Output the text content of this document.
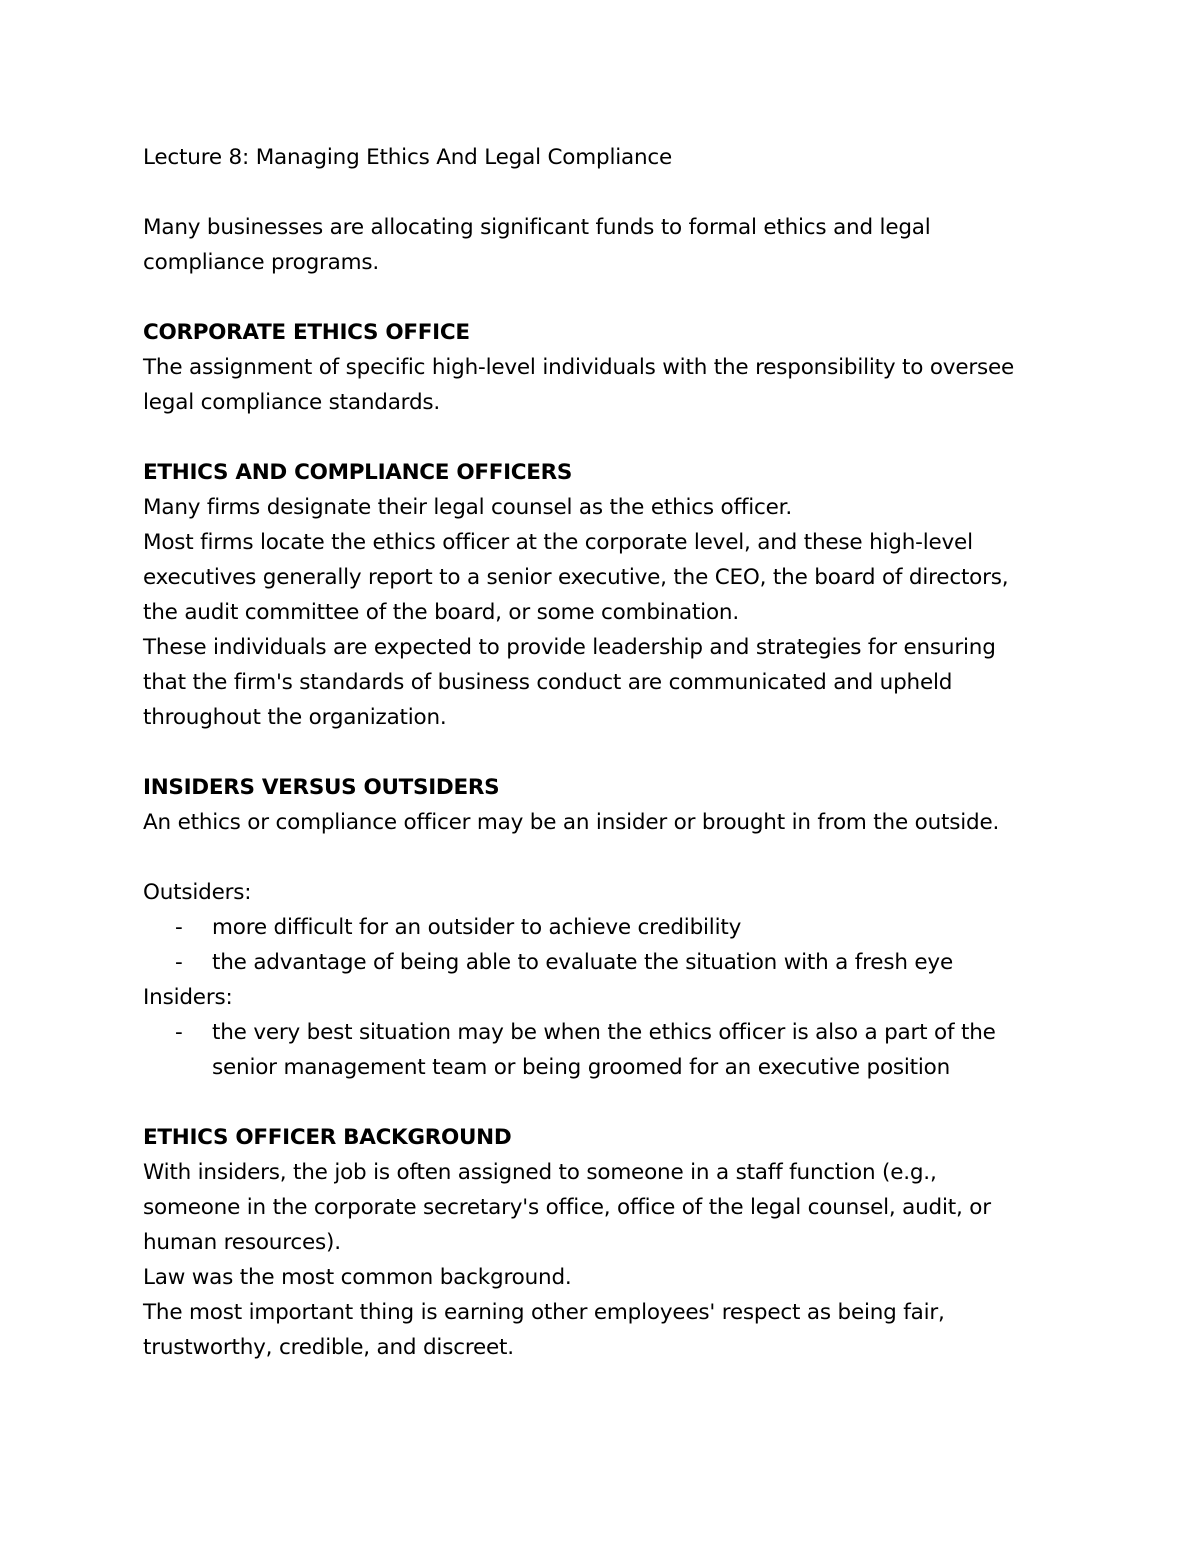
Lecture 8: Managing Ethics And Legal Compliance
Many businesses are allocating significant funds to formal ethics and legal
compliance programs.
CORPORATE ETHICS OFFICE
The assignment of specific high-level individuals with the responsibility to oversee
legal compliance standards.
ETHICS AND COMPLIANCE OFFICERS
Many firms designate their legal counsel as the ethics officer.
Most firms locate the ethics officer at the corporate level, and these high-level
executives generally report to a senior executive, the CEO, the board of directors,
the audit committee of the board, or some combination.
These individuals are expected to provide leadership and strategies for ensuring
that the firm's standards of business conduct are communicated and upheld
throughout the organization.
INSIDERS VERSUS OUTSIDERS
An ethics or compliance officer may be an insider or brought in from the outside.
Outsiders:
- more difficult for an outsider to achieve credibility
- the advantage of being able to evaluate the situation with a fresh eye
Insiders:
- the very best situation may be when the ethics officer is also a part of the
senior management team or being groomed for an executive position
ETHICS OFFICER BACKGROUND
With insiders, the job is often assigned to someone in a staff function (e.g.,
someone in the corporate secretary's office, office of the legal counsel, audit, or
human resources).
Law was the most common background.
The most important thing is earning other employees' respect as being fair,
trustworthy, credible, and discreet.
